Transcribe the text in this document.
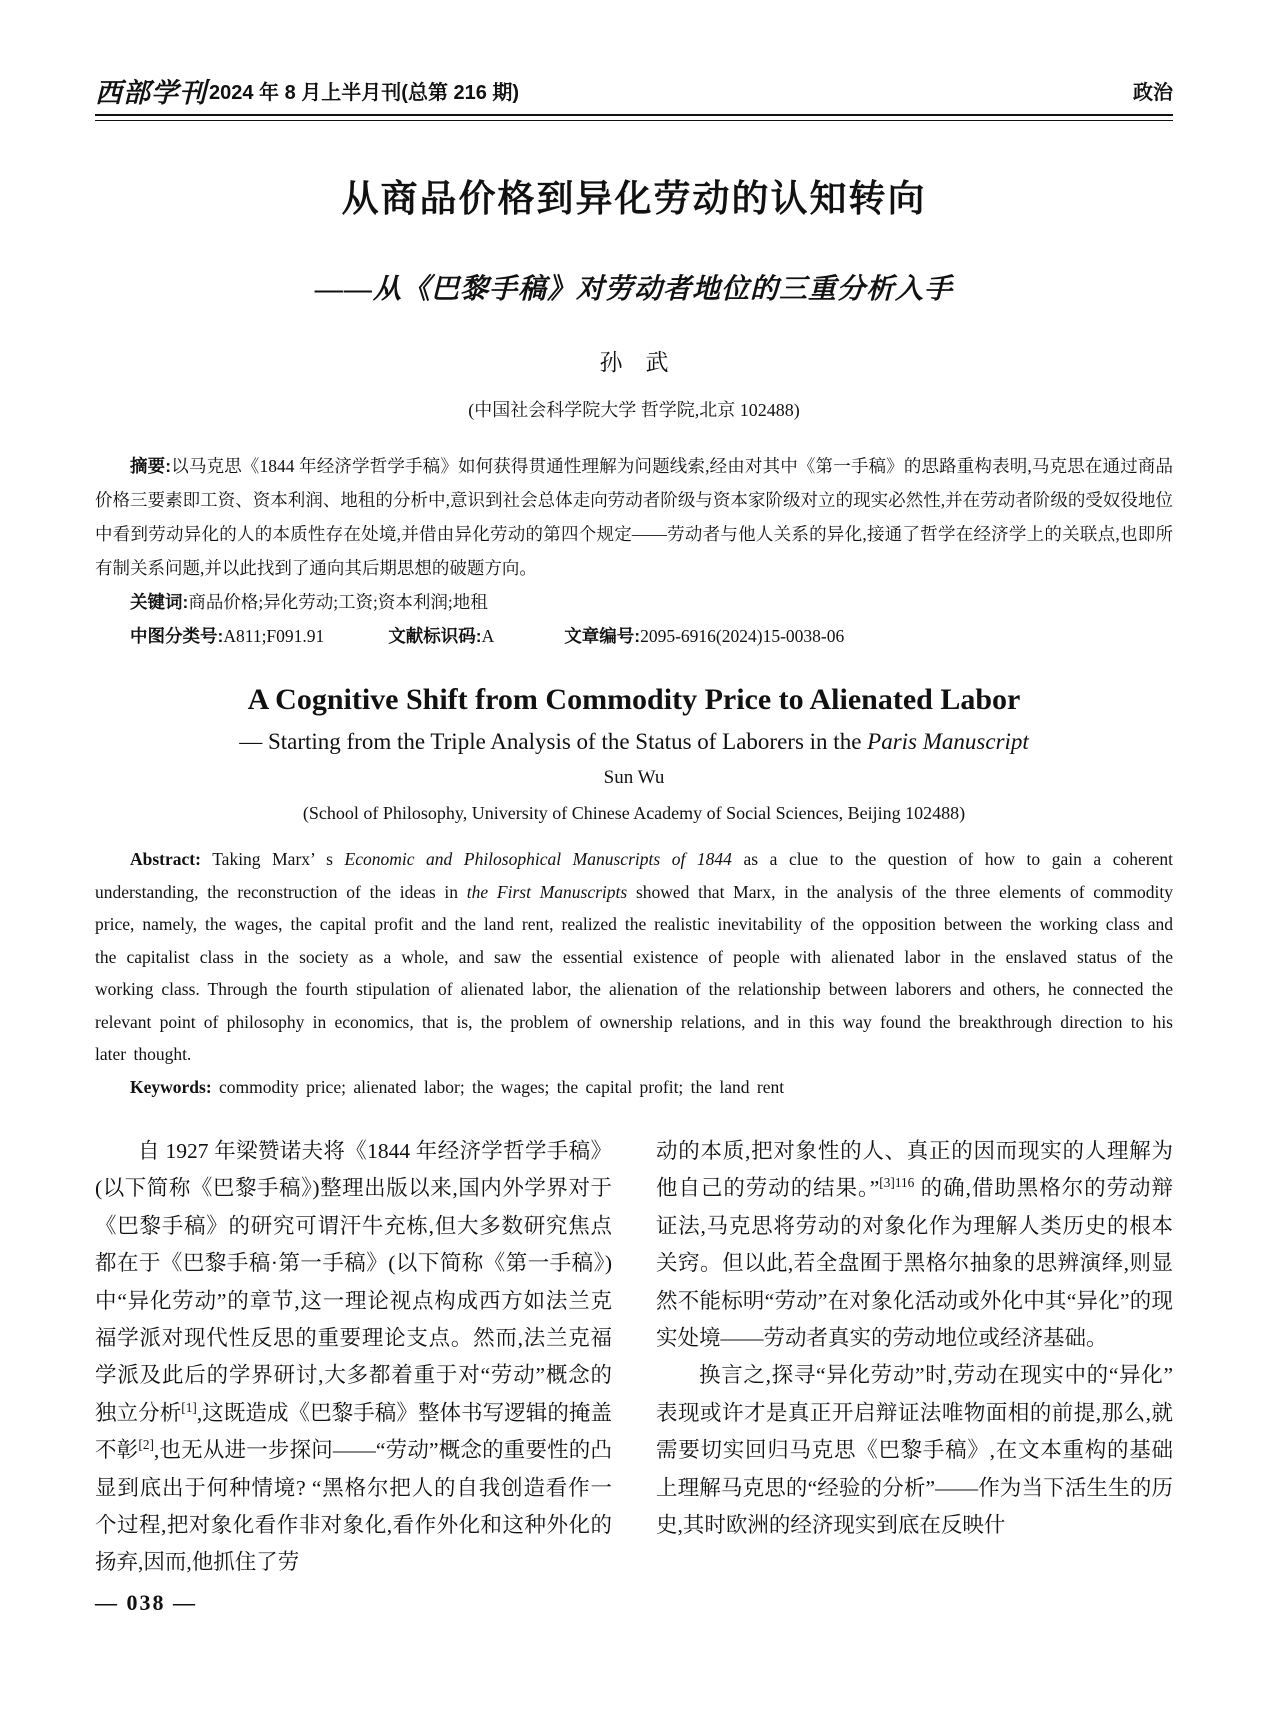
西部学刊 2024 年 8 月上半月刊(总第 216 期)	政治
从商品价格到异化劳动的认知转向
——从《巴黎手稿》对劳动者地位的三重分析入手
孙　武
(中国社会科学院大学 哲学院,北京 102488)

摘要:以马克思《1844 年经济学哲学手稿》如何获得贯通性理解为问题线索,经由对其中《第一手稿》的思路重构表明,马克思在通过商品价格三要素即工资、资本利润、地租的分析中,意识到社会总体走向劳动者阶级与资本家阶级对立的现实必然性,并在劳动者阶级的受奴役地位中看到劳动异化的人的本质性存在处境,并借由异化劳动的第四个规定——劳动者与他人关系的异化,接通了哲学在经济学上的关联点,也即所有制关系问题,并以此找到了通向其后期思想的破题方向。

关键词:商品价格;异化劳动;工资;资本利润;地租

中图分类号:A811;F091.91	文献标识码:A	文章编号:2095-6916(2024)15-0038-06

A Cognitive Shift from Commodity Price to Alienated Labor
— Starting from the Triple Analysis of the Status of Laborers in the Paris Manuscript
Sun Wu
(School of Philosophy, University of Chinese Academy of Social Sciences, Beijing 102488)

Abstract: Taking Marx’ s Economic and Philosophical Manuscripts of 1844 as a clue to the question of how to gain a coherent understanding, the reconstruction of the ideas in the First Manuscripts showed that Marx, in the analysis of the three elements of commodity price, namely, the wages, the capital profit and the land rent, realized the realistic inevitability of the opposition between the working class and the capitalist class in the society as a whole, and saw the essential existence of people with alienated labor in the enslaved status of the working class. Through the fourth stipulation of alienated labor, the alienation of the relationship between laborers and others, he connected the relevant point of philosophy in economics, that is, the problem of ownership relations, and in this way found the breakthrough direction to his later thought.

Keywords: commodity price; alienated labor; the wages; the capital profit; the land rent

自 1927 年梁赞诺夫将《1844 年经济学哲学手稿》(以下简称《巴黎手稿》)整理出版以来,国内外学界对于《巴黎手稿》的研究可谓汗牛充栋,但大多数研究焦点都在于《巴黎手稿·第一手稿》(以下简称《第一手稿》)中“异化劳动”的章节,这一理论视点构成西方如法兰克福学派对现代性反思的重要理论支点。然而,法兰克福学派及此后的学界研讨,大多都着重于对“劳动”概念的独立分析[1],这既造成《巴黎手稿》整体书写逻辑的掩盖不彰[2],也无从进一步探问——“劳动”概念的重要性的凸显到底出于何种情境? “黑格尔把人的自我创造看作一个过程,把对象化看作非对象化,看作外化和这种外化的扬弃,因而,他抓住了劳

动的本质,把对象性的人、真正的因而现实的人理解为他自己的劳动的结果。”$^{[3]116}$ 的确,借助黑格尔的劳动辩证法,马克思将劳动的对象化作为理解人类历史的根本关窍。但以此,若全盘囿于黑格尔抽象的思辨演绎,则显然不能标明“劳动”在对象化活动或外化中其“异化”的现实处境——劳动者真实的劳动地位或经济基础。

换言之,探寻“异化劳动”时,劳动在现实中的“异化”表现或许才是真正开启辩证法唯物面相的前提,那么,就需要切实回归马克思《巴黎手稿》,在文本重构的基础上理解马克思的“经验的分析”——作为当下活生生的历史,其时欧洲的经济现实到底在反映什

— 038 —
